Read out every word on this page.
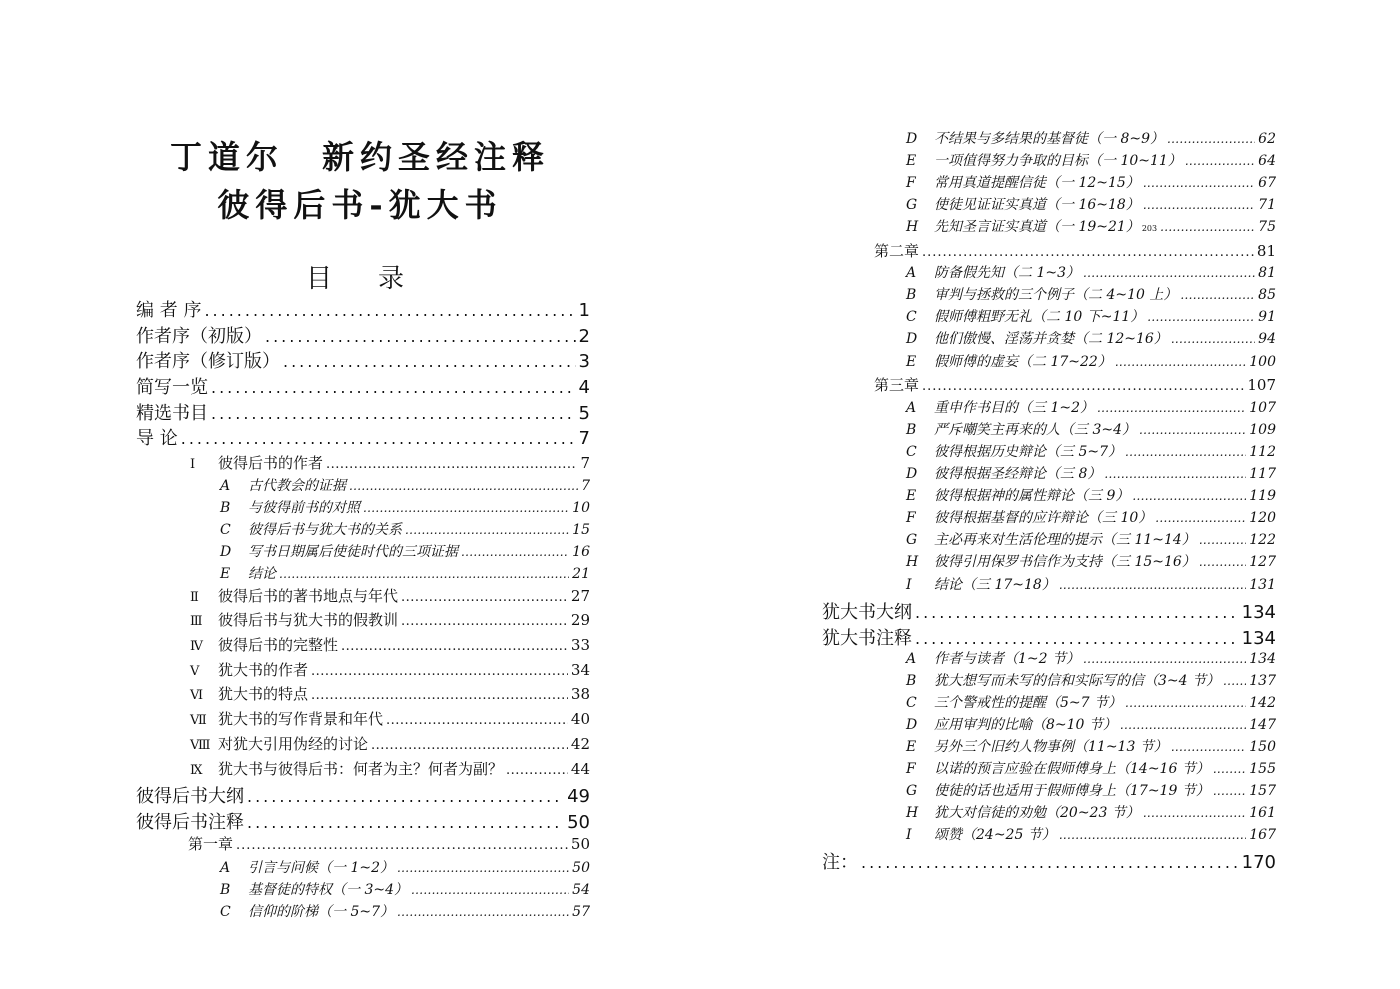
丁道尔　新约圣经注释
彼得后书-犹大书
目　录
编 者 序 .....	1
作者序（初版） .....	2
作者序（修订版） .....	3
简写一览 .....	4
精选书目 .....	5
导 论 .....	7
Ⅰ	彼得后书的作者 .....	7
A	古代教会的证据 .....	7
B	与彼得前书的对照 .....	10
C	彼得后书与犹大书的关系 .....	15
D	写书日期属后使徒时代的三项证据 .....	16
E	结论 .....	21
Ⅱ	彼得后书的著书地点与年代 .....	27
Ⅲ	彼得后书与犹大书的假教训 .....	29
Ⅳ	彼得后书的完整性 .....	33
Ⅴ	犹大书的作者 .....	34
Ⅵ 犹大书的特点 .....	38
Ⅶ 犹大书的写作背景和年代 .....	40
Ⅷ 对犹大引用伪经的讨论 .....	42
Ⅸ	犹大书与彼得后书：何者为主？何者为副？ .....	44
彼得后书大纲 .....	49
彼得后书注释 .....	50
第一章 .....	50
A	引言与问候（一 1~2） .....	50
B	基督徒的特权（一 3~4） .....	54
C	信仰的阶梯（一 5~7） .....	57
D	不结果与多结果的基督徒（一 8~9） .....	62
E	一项值得努力争取的目标（一 10~11） .....	64
F	常用真道提醒信徒（一 12~15） .....	67
G	使徒见证证实真道（一 16~18） .....	71
H	先知圣言证实真道（一 19~21） 203 .....	75
第二章 .....	81
A	防备假先知（二 1~3） .....	81
B	审判与拯救的三个例子（二 4~10 上） .....	85
C	假师傅粗野无礼（二 10 下~11） .....	91
D	他们傲慢、淫荡并贪婪（二 12~16） .....	94
E	假师傅的虚妄（二 17~22） .....	100
第三章 .....	107
A	重申作书目的（三 1~2） .....	107
B	严斥嘲笑主再来的人（三 3~4） .....	109
C	彼得根据历史辩论（三 5~7） .....	112
D	彼得根据圣经辩论（三 8） .....	117
E	彼得根据神的属性辩论（三 9） .....	119
F	彼得根据基督的应许辩论（三 10） .....	120
G	主必再来对生活伦理的提示（三 11~14） .....	122
H	彼得引用保罗书信作为支持（三 15~16） .....	127
I	结论（三 17~18） .....	131
犹大书大纲 .....	134
犹大书注释 .....	134
A	作者与读者（1~2 节） .....	134
B	犹大想写而未写的信和实际写的信（3~4 节） ..... 137
C	三个警戒性的提醒（5~7 节） .....	142
D	应用审判的比喻（8~10 节） .....	147
E	另外三个旧约人物事例（11~13 节） .....	150
F	以诺的预言应验在假师傅身上（14~16 节） .....	155
G	使徒的话也适用于假师傅身上（17~19 节） .....	157
H	犹大对信徒的劝勉（20~23 节） .....	161
I	颂赞（24~25 节） .....	167
注： .....	170
